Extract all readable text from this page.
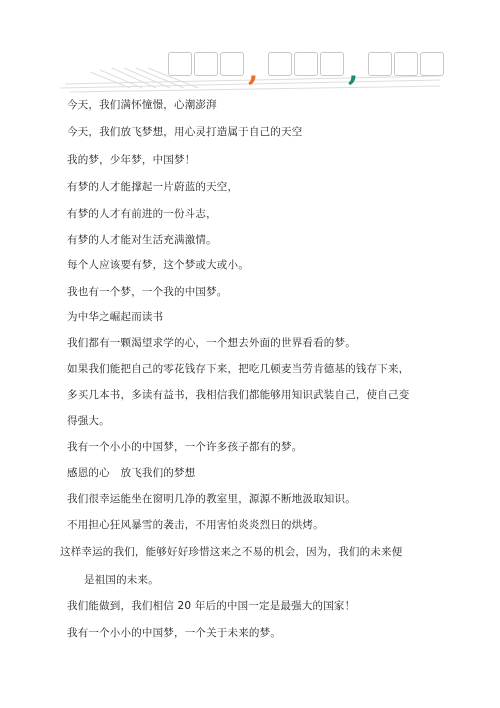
,	,
今天，我们满怀憧憬，心潮澎湃
今天，我们放飞梦想，用心灵打造属于自己的天空
我的梦，少年梦，中国梦！
有梦的人才能撑起一片蔚蓝的天空，
有梦的人才有前进的一份斗志，
有梦的人才能对生活充满激情。
每个人应该要有梦，这个梦或大或小。
我也有一个梦，一个我的中国梦。
为中华之崛起而读书
我们都有一颗渴望求学的心，一个想去外面的世界看看的梦。
如果我们能把自己的零花钱存下来，把吃几顿麦当劳肯德基的钱存下来，
多买几本书，多读有益书，我相信我们都能够用知识武装自己，使自己变
得强大。
我有一个小小的中国梦，一个许多孩子都有的梦。
感恩的心　放飞我们的梦想
我们很幸运能坐在窗明几净的教室里，源源不断地汲取知识。
不用担心狂风暴雪的袭击，不用害怕炎炎烈日的烘烤。
这样幸运的我们，能够好好珍惜这来之不易的机会，因为，我们的未来便
是祖国的未来。
我们能做到，我们相信 20 年后的中国一定是最强大的国家！
我有一个小小的中国梦，一个关于未来的梦。
